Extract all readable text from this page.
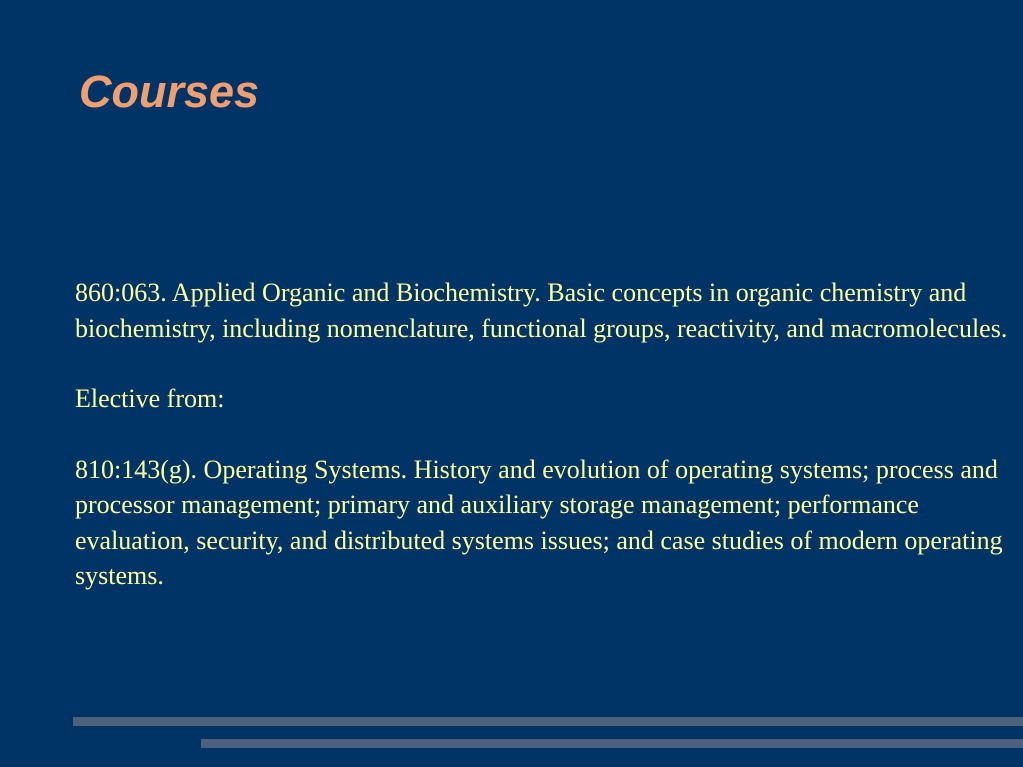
Courses

860:063. Applied Organic and Biochemistry. Basic concepts in organic chemistry and biochemistry, including nomenclature, functional groups, reactivity, and macromolecules.

Elective from:

810:143(g). Operating Systems. History and evolution of operating systems; process and processor management; primary and auxiliary storage management; performance evaluation, security, and distributed systems issues; and case studies of modern operating systems.
